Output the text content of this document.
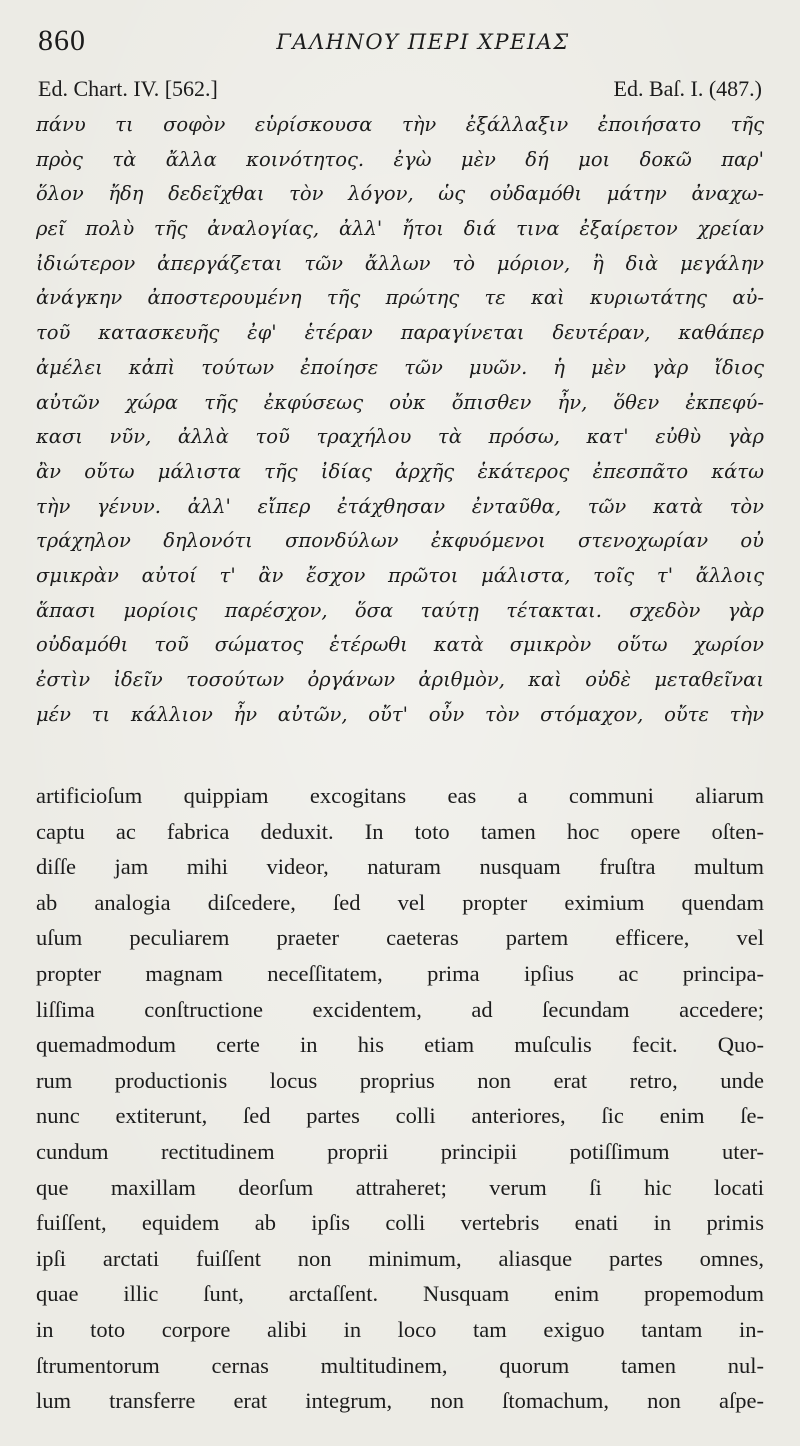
860	ΓΑΛΗΝΟΥ ΠΕΡΙ ΧΡΕΙΑΣ
Ed. Chart. IV. [562.]	Ed. Baſ. I. (487.)
πάνυ τι σοφὸν εὑρίσκουσα τὴν ἐξάλλαξιν ἐποιήσατο τῆς
πρὸς τὰ ἄλλα κοινότητος. ἐγὼ μὲν δή μοι δοκῶ παρ'
ὅλον ἤδη δεδεῖχθαι τὸν λόγον, ὡς οὐδαμόθι μάτην ἀναχω-
ρεῖ πολὺ τῆς ἀναλογίας, ἀλλ' ἤτοι διά τινα ἐξαίρετον χρείαν
ἰδιώτερον ἀπεργάζεται τῶν ἄλλων τὸ μόριον, ἢ διὰ μεγάλην
ἀνάγκην ἀποστερουμένη τῆς πρώτης τε καὶ κυριωτάτης αὐ-
τοῦ κατασκευῆς ἐφ' ἑτέραν παραγίνεται δευτέραν, καθάπερ
ἀμέλει κἀπὶ τούτων ἐποίησε τῶν μυῶν. ἡ μὲν γὰρ ἴδιος
αὐτῶν χώρα τῆς ἐκφύσεως οὐκ ὄπισθεν ἦν, ὅθεν ἐκπεφύ-
κασι νῦν, ἀλλὰ τοῦ τραχήλου τὰ πρόσω, κατ' εὐθὺ γὰρ
ἂν οὕτω μάλιστα τῆς ἰδίας ἀρχῆς ἑκάτερος ἐπεσπᾶτο κάτω
τὴν γένυν. ἀλλ' εἴπερ ἐτάχθησαν ἐνταῦθα, τῶν κατὰ τὸν
τράχηλον δηλονότι σπονδύλων ἐκφυόμενοι στενοχωρίαν οὐ
σμικρὰν αὐτοί τ' ἂν ἔσχον πρῶτοι μάλιστα, τοῖς τ' ἄλλοις
ἅπασι μορίοις παρέσχον, ὅσα ταύτῃ τέτακται. σχεδὸν γὰρ
οὐδαμόθι τοῦ σώματος ἑτέρωθι κατὰ σμικρὸν οὕτω χωρίον
ἐστὶν ἰδεῖν τοσούτων ὀργάνων ἀριθμὸν, καὶ οὐδὲ μεταθεῖναι
μέν τι κάλλιον ἦν αὐτῶν, οὔτ' οὖν τὸν στόμαχον, οὔτε τὴν
artificioſum quippiam excogitans eas a communi aliarum
captu ac fabrica deduxit. In toto tamen hoc opere oſten-
diſſe jam mihi videor, naturam nusquam fruſtra multum
ab analogia diſcedere, ſed vel propter eximium quendam
uſum peculiarem praeter caeteras partem efficere, vel
propter magnam neceſſitatem, prima ipſius ac principa-
liſſima conſtructione excidentem, ad ſecundam accedere;
quemadmodum certe in his etiam muſculis fecit. Quo-
rum productionis locus proprius non erat retro, unde
nunc extiterunt, ſed partes colli anteriores, ſic enim ſe-
cundum rectitudinem proprii principii potiſſimum uter-
que maxillam deorſum attraheret; verum ſi hic locati
fuiſſent, equidem ab ipſis colli vertebris enati in primis
ipſi arctati fuiſſent non minimum, aliasque partes omnes,
quae illic ſunt, arctaſſent. Nusquam enim propemodum
in toto corpore alibi in loco tam exiguo tantam in-
ſtrumentorum cernas multitudinem, quorum tamen nul-
lum transferre erat integrum, non ſtomachum, non aſpe-
